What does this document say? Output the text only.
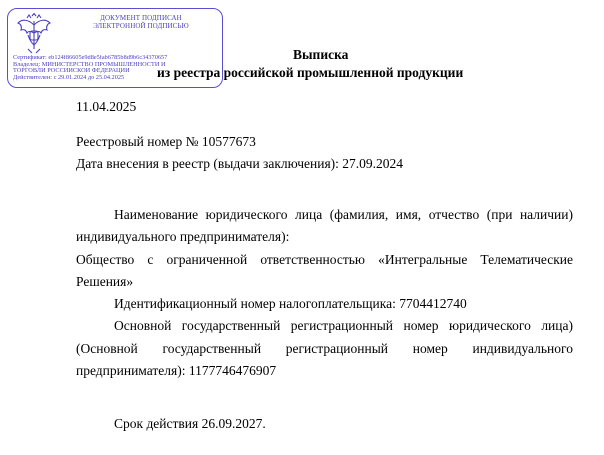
ДОКУМЕНТ ПОДПИСАН
ЭЛЕКТРОННОЙ ПОДПИСЬЮ
Сертификат: eb124f86605e9d8e5fab6785b8d9b6c34370657
Владелец: МИНИСТЕРСТВО ПРОМЫШЛЕННОСТИ И
ТОРГОВЛИ РОССИЙСКОЙ ФЕДЕРАЦИИ
Действителен: с 29.01.2024 до 25.04.2025
Выписка
из реестра российской промышленной продукции
11.04.2025
Реестровый номер № 10577673
Дата внесения в реестр (выдачи заключения): 27.09.2024
Наименование юридического лица (фамилия, имя, отчество (при наличии) индивидуального предпринимателя):
Общество с ограниченной ответственностью «Интегральные Телематические Решения»
Идентификационный номер налогоплательщика: 7704412740
Основной государственный регистрационный номер юридического лица) (Основной государственный регистрационный номер индивидуального предпринимателя): 1177746476907
Срок действия 26.09.2027.
